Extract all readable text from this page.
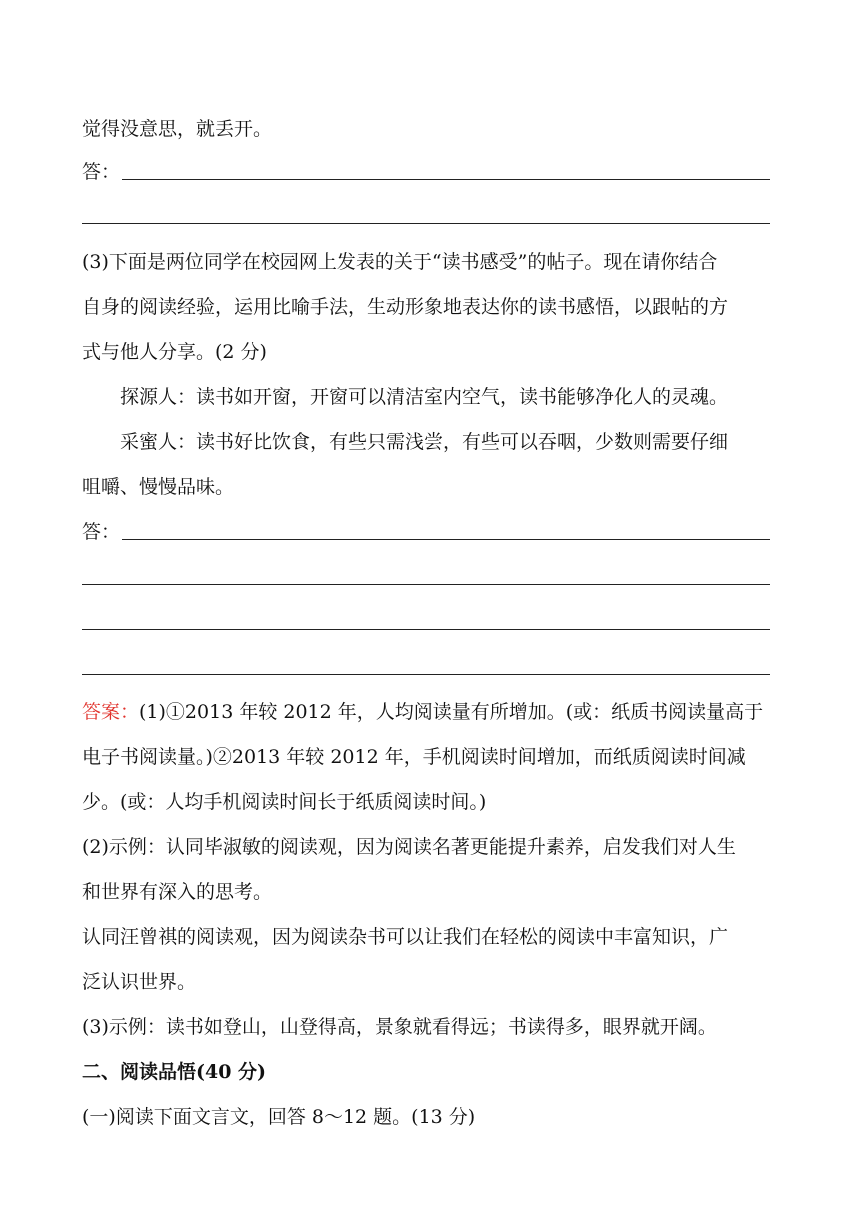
觉得没意思，就丢开。
答：
(3)下面是两位同学在校园网上发表的关于“读书感受”的帖子。现在请你结合
自身的阅读经验，运用比喻手法，生动形象地表达你的读书感悟，以跟帖的方
式与他人分享。(2 分)
探源人：读书如开窗，开窗可以清洁室内空气，读书能够净化人的灵魂。
采蜜人：读书好比饮食，有些只需浅尝，有些可以吞咽，少数则需要仔细
咀嚼、慢慢品味。
答：
答案：(1)①2013 年较 2012 年，人均阅读量有所增加。(或：纸质书阅读量高于
电子书阅读量。)②2013 年较 2012 年，手机阅读时间增加，而纸质阅读时间减
少。(或：人均手机阅读时间长于纸质阅读时间。)
(2)示例：认同毕淑敏的阅读观，因为阅读名著更能提升素养，启发我们对人生
和世界有深入的思考。
认同汪曾祺的阅读观，因为阅读杂书可以让我们在轻松的阅读中丰富知识，广
泛认识世界。
(3)示例：读书如登山，山登得高，景象就看得远；书读得多，眼界就开阔。
二、阅读品悟(40 分)
(一)阅读下面文言文，回答 8～12 题。(13 分)
